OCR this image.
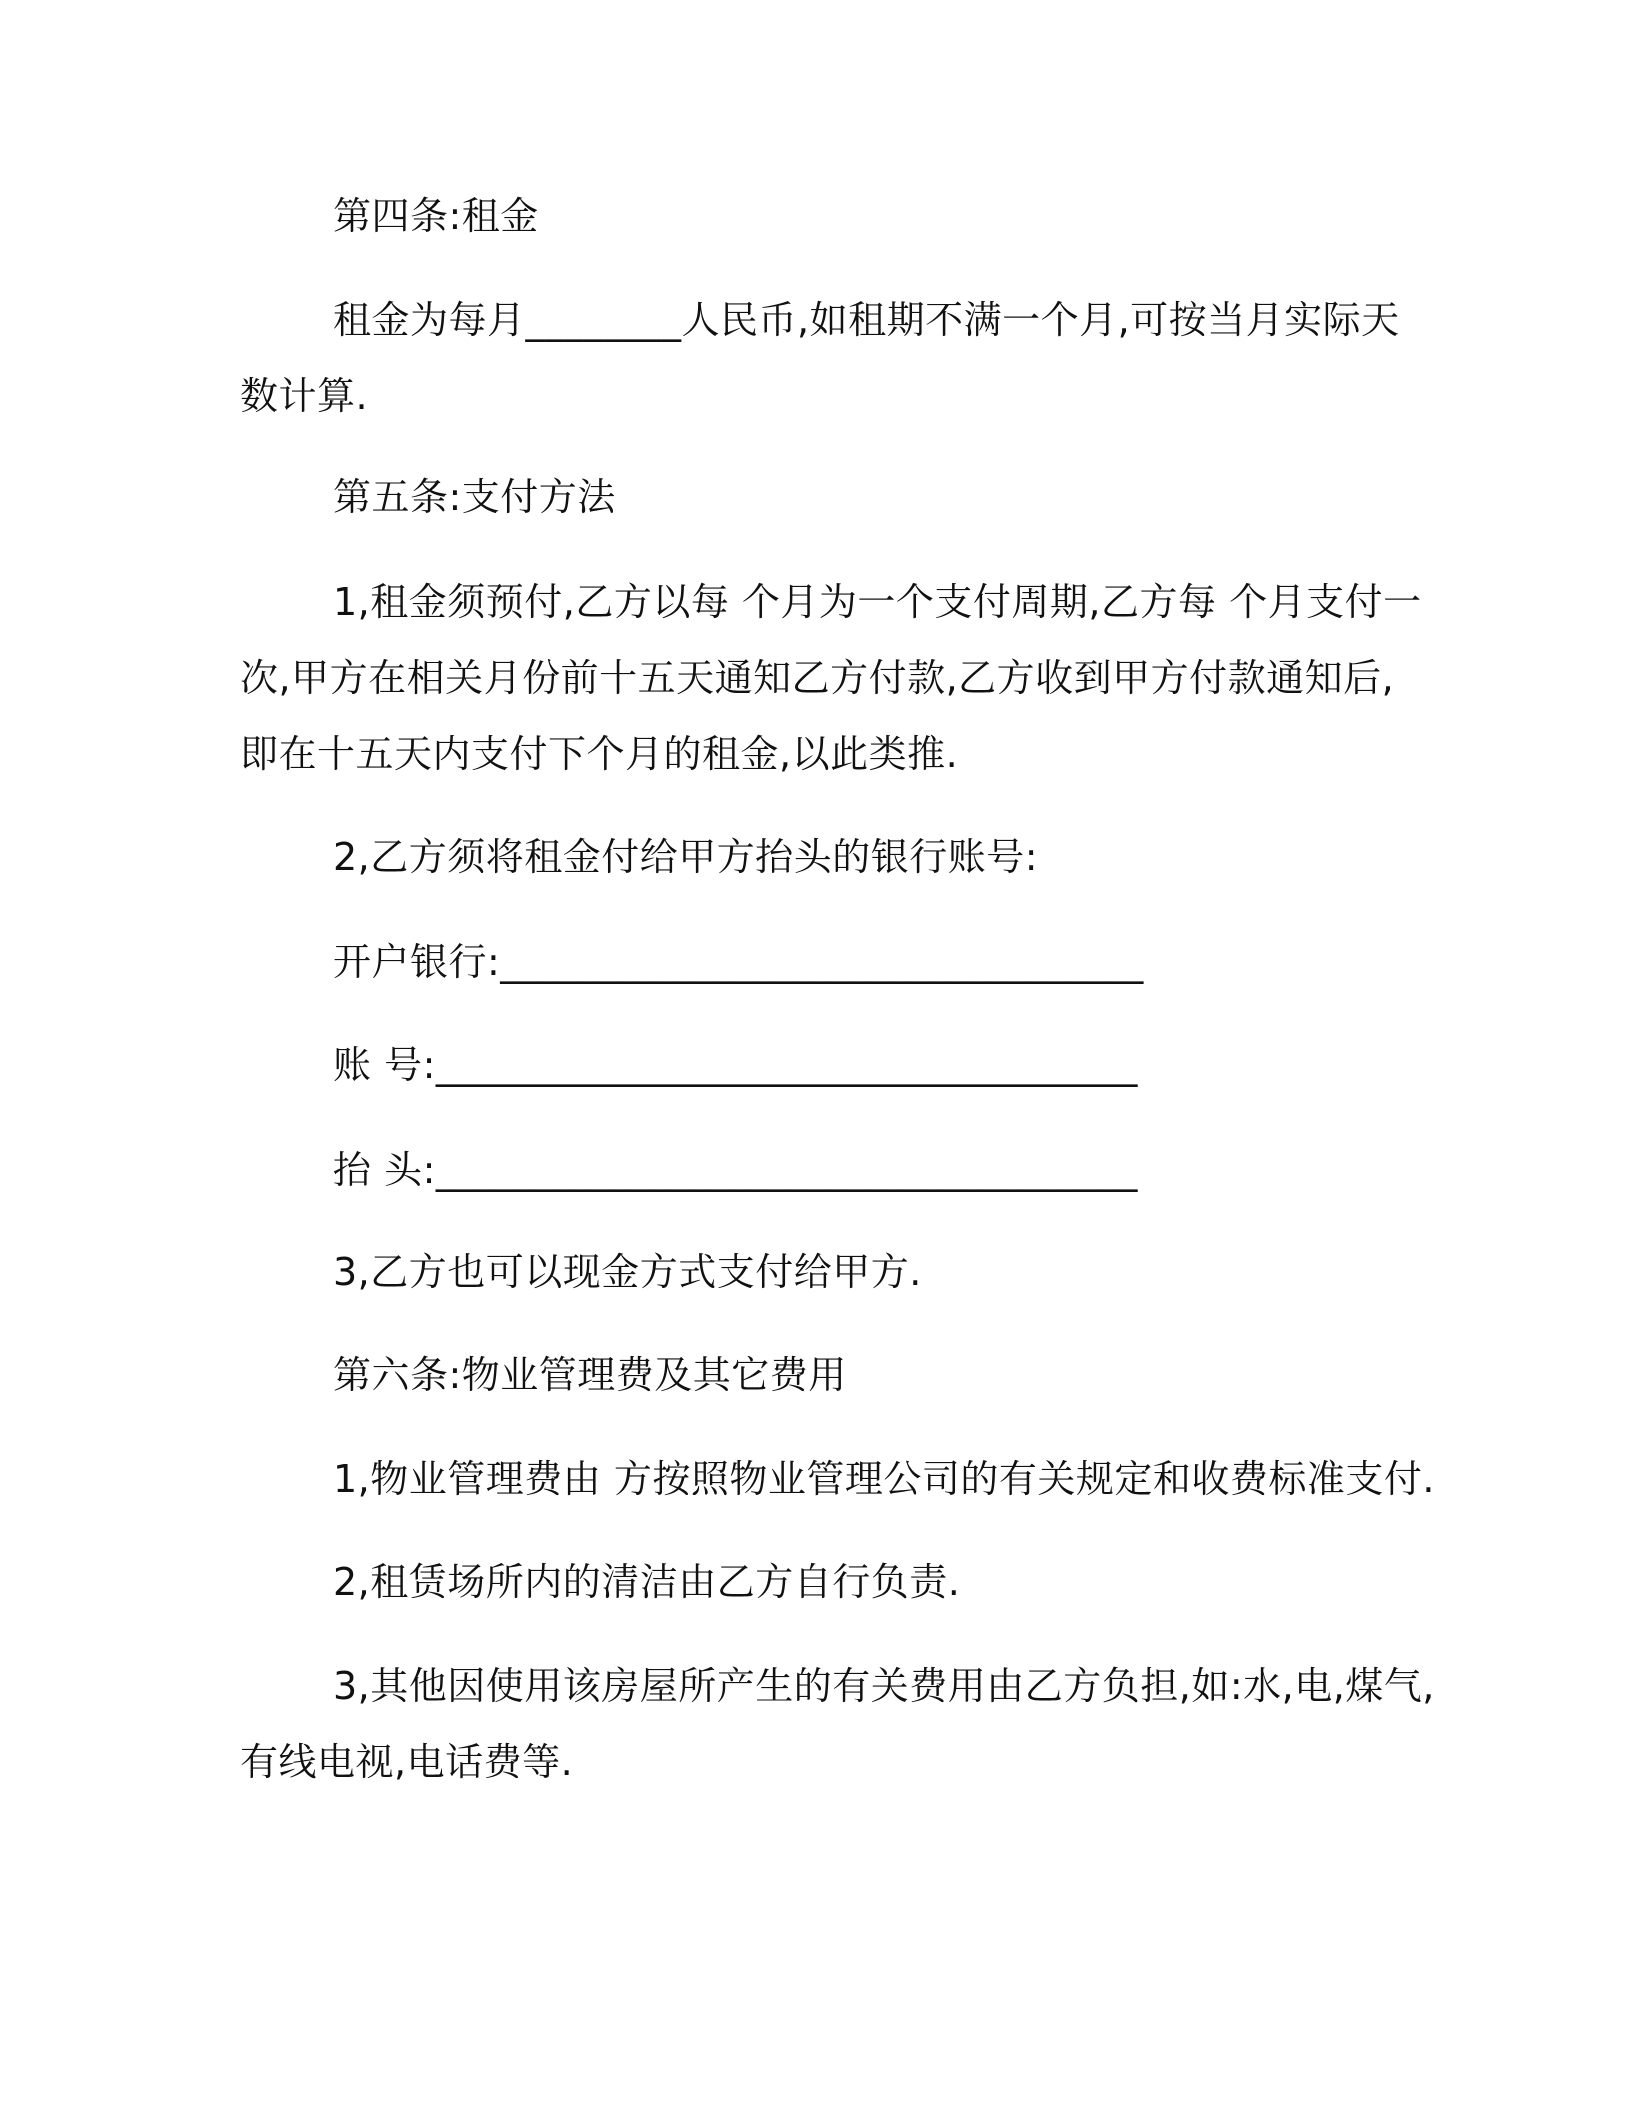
第四条:租金
租金为每月________人民币,如租期不满一个月,可按当月实际天
数计算.
第五条:支付方法
1,租金须预付,乙方以每 个月为一个支付周期,乙方每 个月支付一
次,甲方在相关月份前十五天通知乙方付款,乙方收到甲方付款通知后,
即在十五天内支付下个月的租金,以此类推.
2,乙方须将租金付给甲方抬头的银行账号:
开户银行:_________________________________
账 号:____________________________________
抬 头:____________________________________
3,乙方也可以现金方式支付给甲方.
第六条:物业管理费及其它费用
1,物业管理费由 方按照物业管理公司的有关规定和收费标准支付.
2,租赁场所内的清洁由乙方自行负责.
3,其他因使用该房屋所产生的有关费用由乙方负担,如:水,电,煤气,
有线电视,电话费等.
